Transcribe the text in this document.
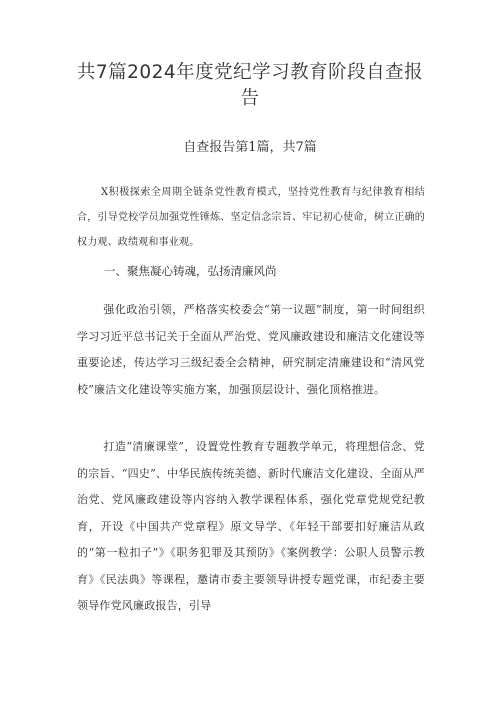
共7篇2024年度党纪学习教育阶段自查报告
自查报告第1篇，共7篇
X积极探索全周期全链条党性教育模式，坚持党性教育与纪律教育相结合，引导党校学员加强党性锤炼、坚定信念宗旨、牢记初心使命，树立正确的权力观、政绩观和事业观。
一、聚焦凝心铸魂，弘扬清廉风尚
强化政治引领，严格落实校委会“第一议题”制度，第一时间组织学习习近平总书记关于全面从严治党、党风廉政建设和廉洁文化建设等重要论述，传达学习三级纪委全会精神，研究制定清廉建设和“清风党校”廉洁文化建设等实施方案，加强顶层设计、强化顶格推进。
打造“清廉课堂”，设置党性教育专题教学单元，将理想信念、党的宗旨、“四史”、中华民族传统美德、新时代廉洁文化建设、全面从严治党、党风廉政建设等内容纳入教学课程体系，强化党章党规党纪教育，开设《中国共产党章程》原文导学、《年轻干部要扣好廉洁从政的“第一粒扣子”》《职务犯罪及其预防》《案例教学：公职人员警示教育》《民法典》等课程，邀请市委主要领导讲授专题党课，市纪委主要领导作党风廉政报告，引导
